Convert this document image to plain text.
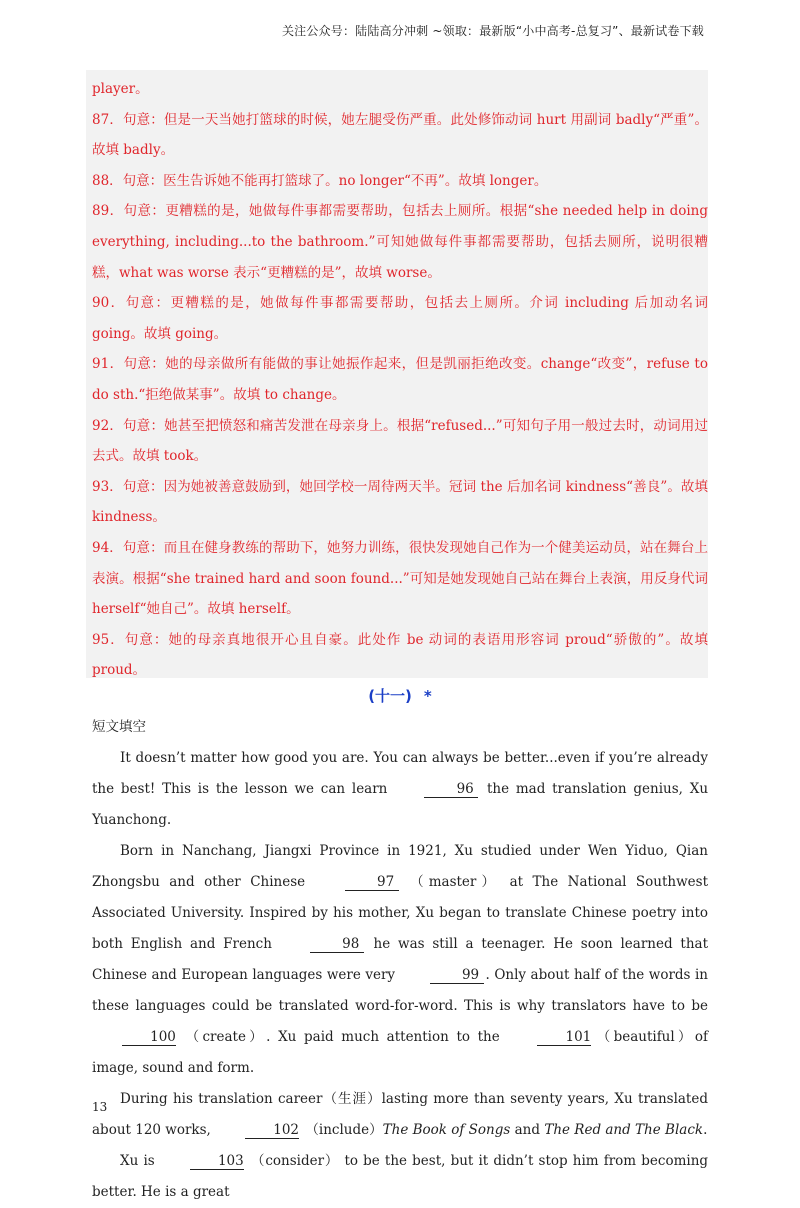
关注公众号：陆陆高分冲刺 ~领取：最新版“小中高考-总复习”、最新试卷下载

player。

87．句意：但是一天当她打篮球的时候，她左腿受伤严重。此处修饰动词 hurt 用副词 badly“严重”。故填 badly。

88．句意：医生告诉她不能再打篮球了。no longer“不再”。故填 longer。

89．句意：更糟糕的是，她做每件事都需要帮助，包括去上厕所。根据“she needed help in doing everything, including...to the bathroom.”可知她做每件事都需要帮助，包括去厕所，说明很糟糕，what was worse 表示“更糟糕的是”，故填 worse。

90．句意：更糟糕的是，她做每件事都需要帮助，包括去上厕所。介词 including 后加动名词 going。故填 going。

91．句意：她的母亲做所有能做的事让她振作起来，但是凯丽拒绝改变。change“改变”，refuse to do sth.“拒绝做某事”。故填 to change。

92．句意：她甚至把愤怒和痛苦发泄在母亲身上。根据“refused...”可知句子用一般过去时，动词用过去式。故填 took。

93．句意：因为她被善意鼓励到，她回学校一周待两天半。冠词 the 后加名词 kindness“善良”。故填 kindness。

94．句意：而且在健身教练的帮助下，她努力训练，很快发现她自己作为一个健美运动员，站在舞台上表演。根据“she trained hard and soon found...”可知是她发现她自己站在舞台上表演，用反身代词 herself“她自己”。故填 herself。

95．句意：她的母亲真地很开心且自豪。此处作 be 动词的表语用形容词 proud“骄傲的”。故填 proud。

(十一) *

短文填空

It doesn’t matter how good you are. You can always be better...even if you’re already the best! This is the lesson we can learn	96 the mad translation genius, Xu Yuanchong.

Born in Nanchang, Jiangxi Province in 1921, Xu studied under Wen Yiduo, Qian Zhongsbu and other Chinese	97 （master） at The National Southwest Associated University. Inspired by his mother, Xu began to translate Chinese poetry into both English and French	98 he was still a teenager. He soon learned that Chinese and European languages were very	99 . Only about half of the words in these languages could be translated word-for-word. This is why translators have to be 100 （create）. Xu paid much attention to the	101 （beautiful）of image, sound and form.

During his translation career（生涯）lasting more than seventy years, Xu translated about 120 works,	102 （include）The Book of Songs and The Red and The Black.

Xu is	103 （consider） to be the best, but it didn’t stop him from becoming better. He is a great

13
